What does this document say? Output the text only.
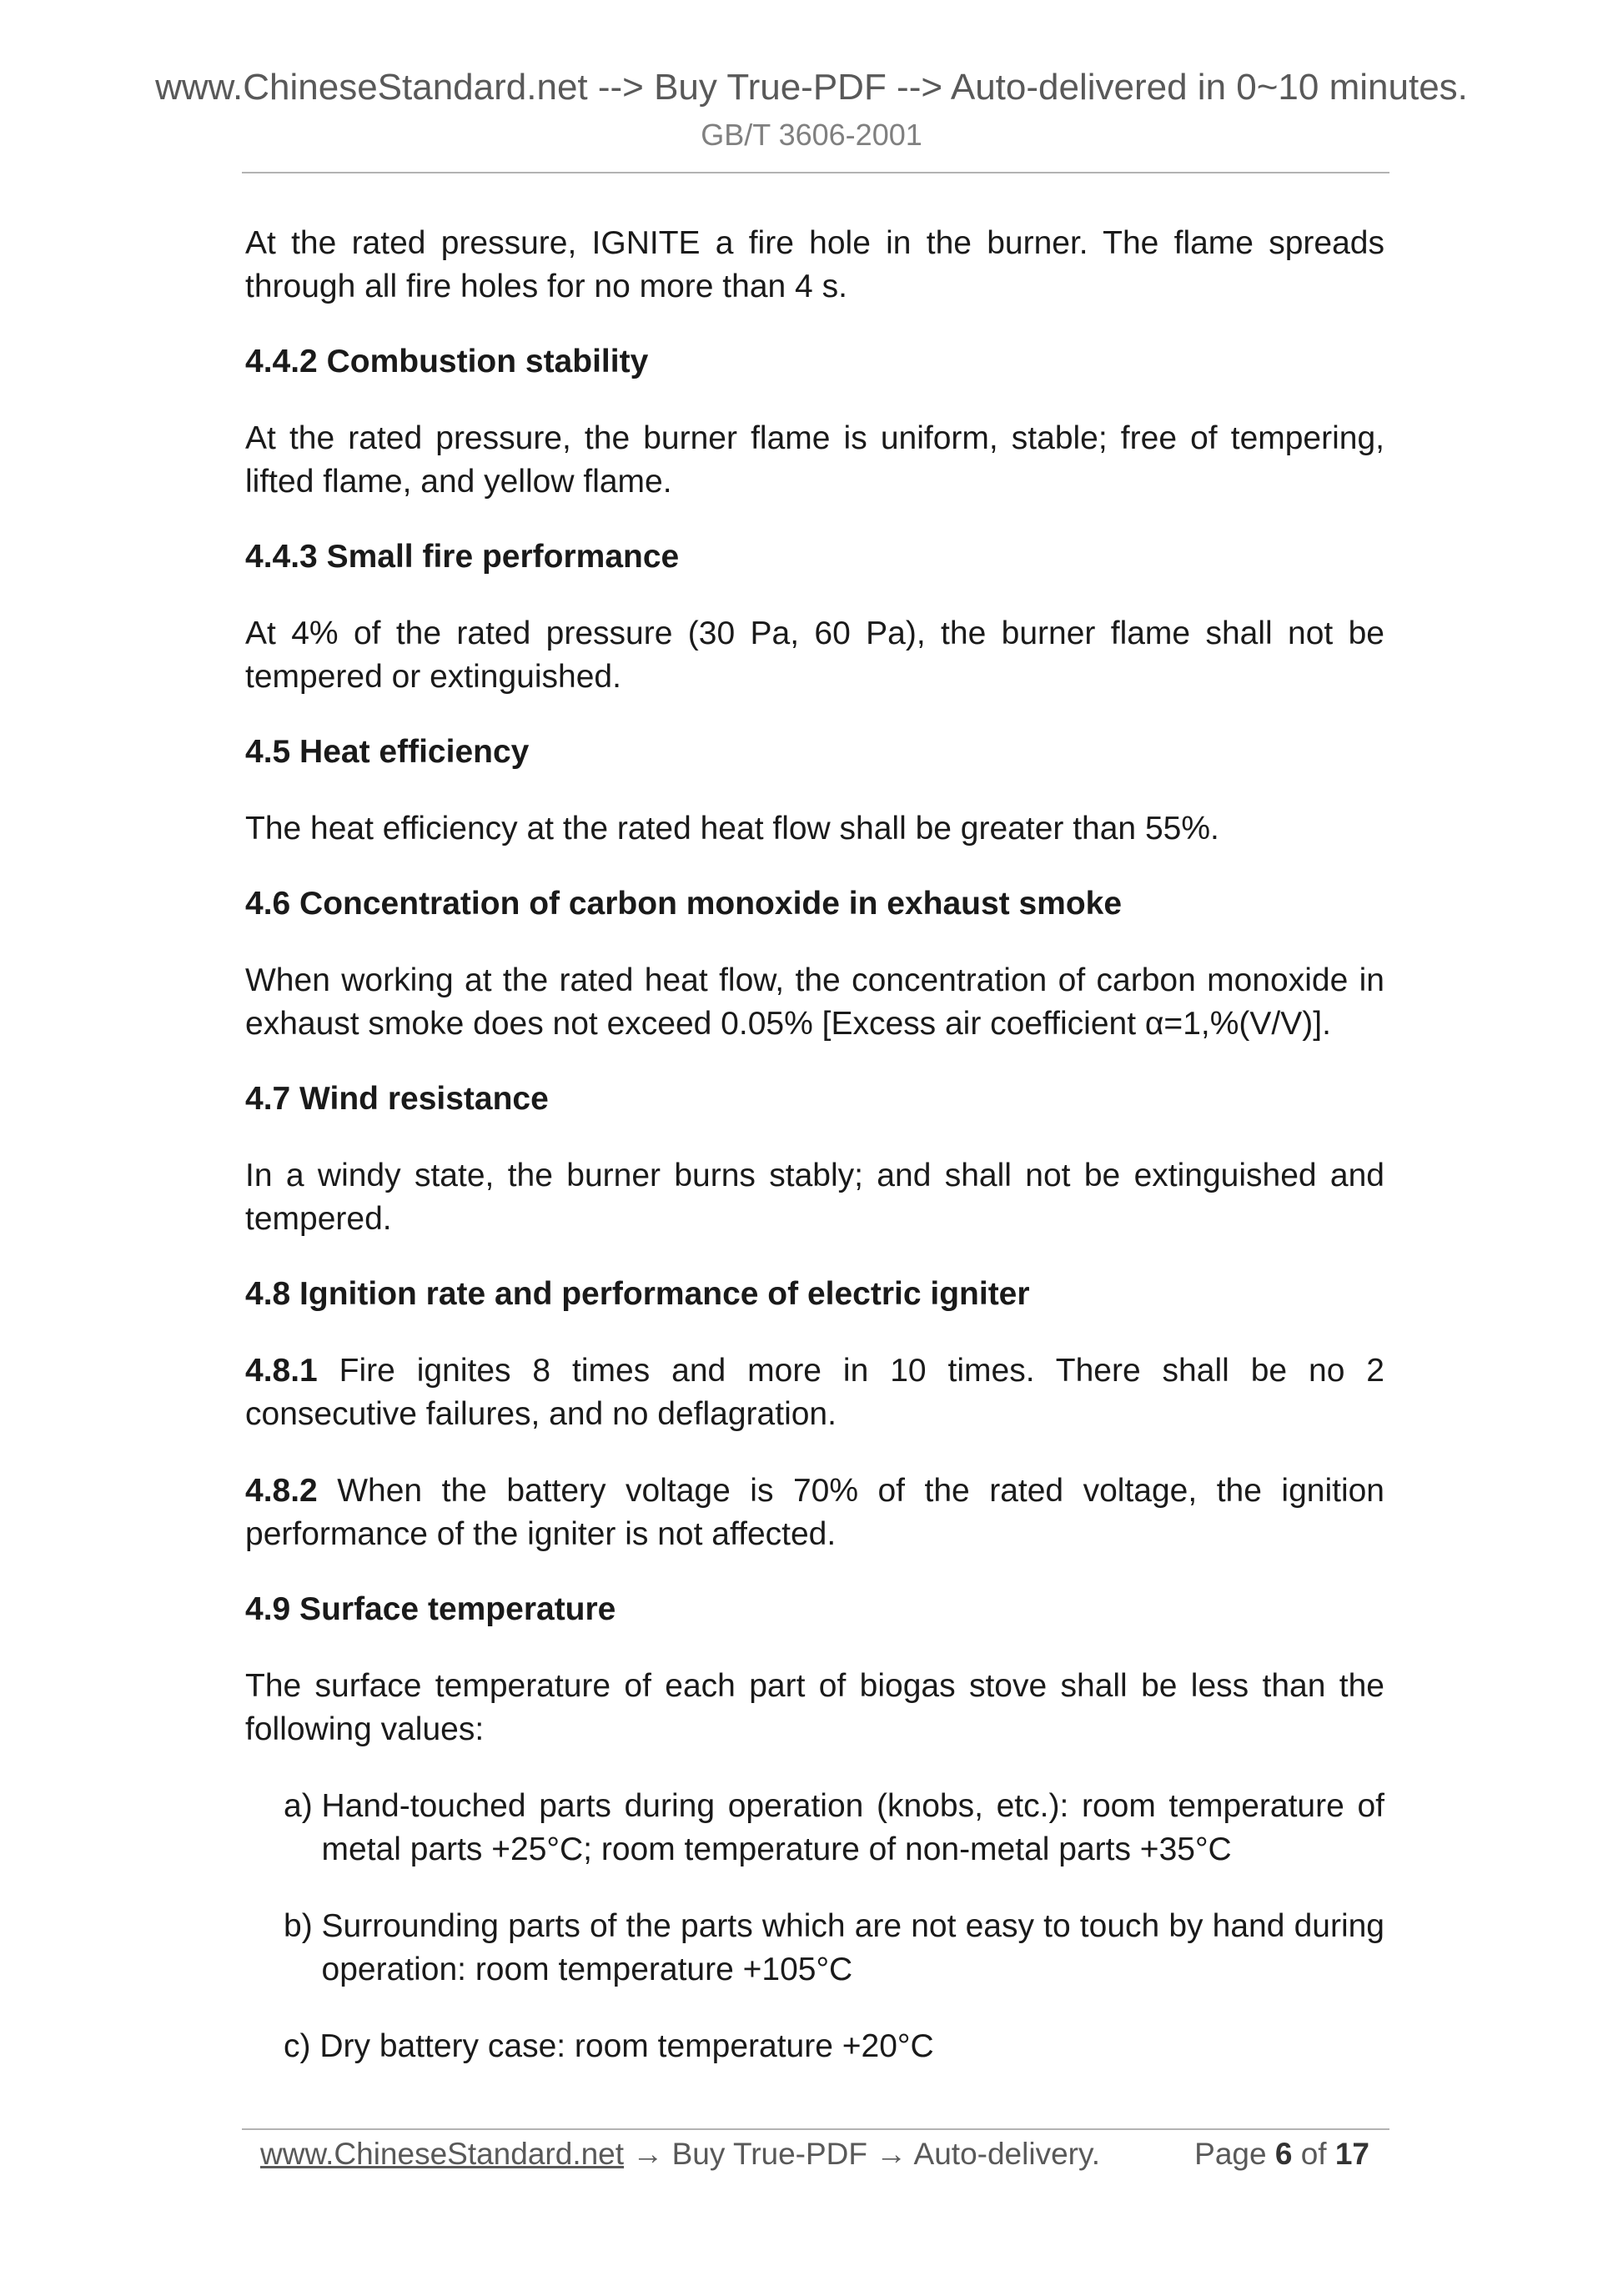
www.ChineseStandard.net --> Buy True-PDF --> Auto-delivered in 0~10 minutes.
GB/T 3606-2001

At the rated pressure, IGNITE a fire hole in the burner. The flame spreads through all fire holes for no more than 4 s.

4.4.2 Combustion stability

At the rated pressure, the burner flame is uniform, stable; free of tempering, lifted flame, and yellow flame.

4.4.3 Small fire performance

At 4% of the rated pressure (30 Pa, 60 Pa), the burner flame shall not be tempered or extinguished.

4.5 Heat efficiency

The heat efficiency at the rated heat flow shall be greater than 55%.

4.6 Concentration of carbon monoxide in exhaust smoke

When working at the rated heat flow, the concentration of carbon monoxide in exhaust smoke does not exceed 0.05% [Excess air coefficient α=1,%(V/V)].

4.7 Wind resistance

In a windy state, the burner burns stably; and shall not be extinguished and tempered.

4.8 Ignition rate and performance of electric igniter

4.8.1 Fire ignites 8 times and more in 10 times. There shall be no 2 consecutive failures, and no deflagration.

4.8.2 When the battery voltage is 70% of the rated voltage, the ignition performance of the igniter is not affected.

4.9 Surface temperature

The surface temperature of each part of biogas stove shall be less than the following values:

a) Hand-touched parts during operation (knobs, etc.): room temperature of metal parts +25°C; room temperature of non-metal parts +35°C
b) Surrounding parts of the parts which are not easy to touch by hand during operation: room temperature +105°C
c) Dry battery case: room temperature +20°C
www.ChineseStandard.net → Buy True-PDF → Auto-delivery.	Page 6 of 17
